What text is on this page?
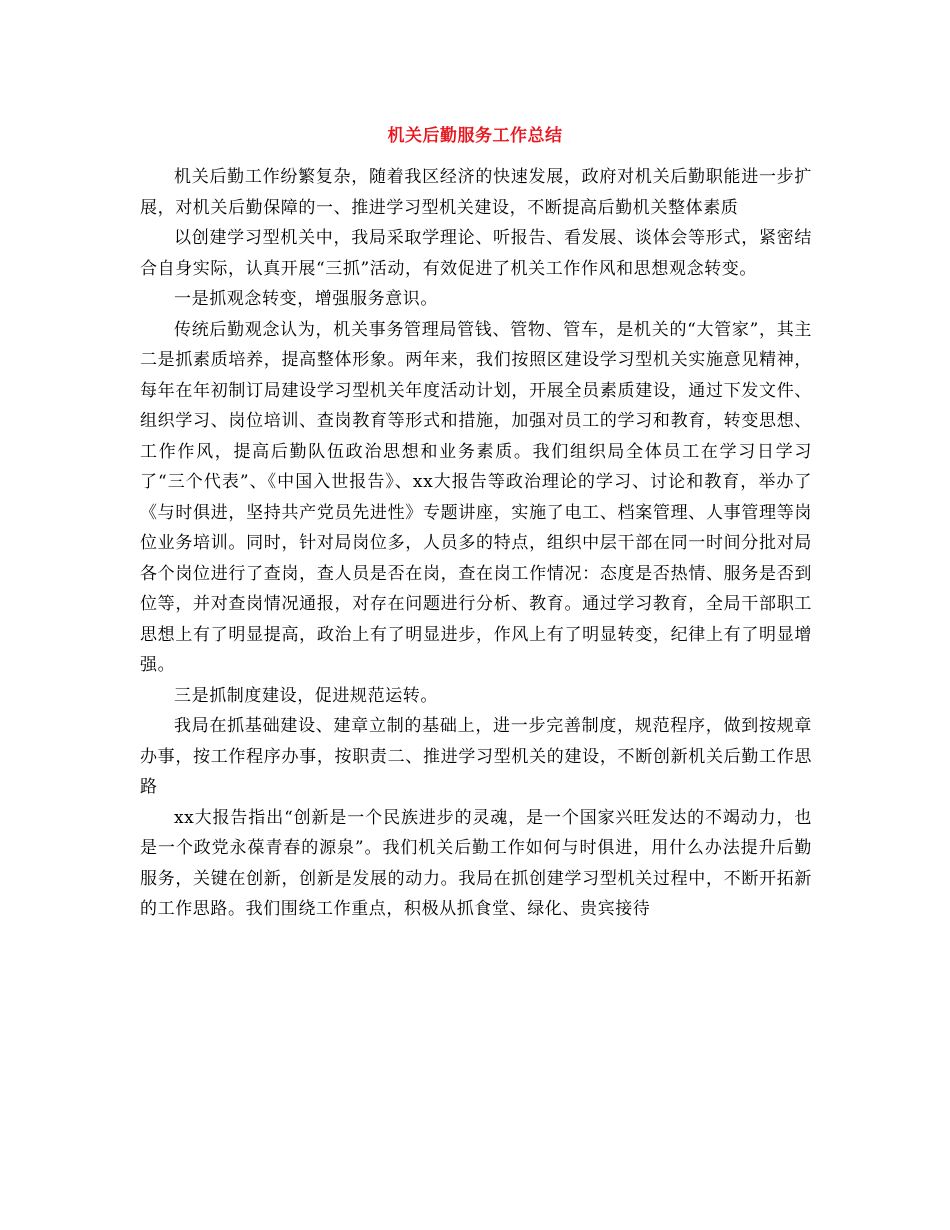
机关后勤服务工作总结

机关后勤工作纷繁复杂，随着我区经济的快速发展，政府对机关后勤职能进一步扩展，对机关后勤保障的一、推进学习型机关建设，不断提高后勤机关整体素质

以创建学习型机关中，我局采取学理论、听报告、看发展、谈体会等形式，紧密结合自身实际，认真开展“三抓”活动，有效促进了机关工作作风和思想观念转变。

一是抓观念转变，增强服务意识。

传统后勤观念认为，机关事务管理局管钱、管物、管车，是机关的“大管家”，其主二是抓素质培养，提高整体形象。两年来，我们按照区建设学习型机关实施意见精神，每年在年初制订局建设学习型机关年度活动计划，开展全员素质建设，通过下发文件、组织学习、岗位培训、查岗教育等形式和措施，加强对员工的学习和教育，转变思想、工作作风，提高后勤队伍政治思想和业务素质。我们组织局全体员工在学习日学习了“三个代表”、《中国入世报告》、xx大报告等政治理论的学习、讨论和教育，举办了《与时俱进，坚持共产党员先进性》专题讲座，实施了电工、档案管理、人事管理等岗位业务培训。同时，针对局岗位多，人员多的特点，组织中层干部在同一时间分批对局各个岗位进行了查岗，查人员是否在岗，查在岗工作情况：态度是否热情、服务是否到位等，并对查岗情况通报，对存在问题进行分析、教育。通过学习教育，全局干部职工思想上有了明显提高，政治上有了明显进步，作风上有了明显转变，纪律上有了明显增强。

三是抓制度建设，促进规范运转。

我局在抓基础建设、建章立制的基础上，进一步完善制度，规范程序，做到按规章办事，按工作程序办事，按职责二、推进学习型机关的建设，不断创新机关后勤工作思路

xx大报告指出“创新是一个民族进步的灵魂，是一个国家兴旺发达的不竭动力，也是一个政党永葆青春的源泉”。我们机关后勤工作如何与时俱进，用什么办法提升后勤服务，关键在创新，创新是发展的动力。我局在抓创建学习型机关过程中，不断开拓新的工作思路。我们围绕工作重点，积极从抓食堂、绿化、贵宾接待
